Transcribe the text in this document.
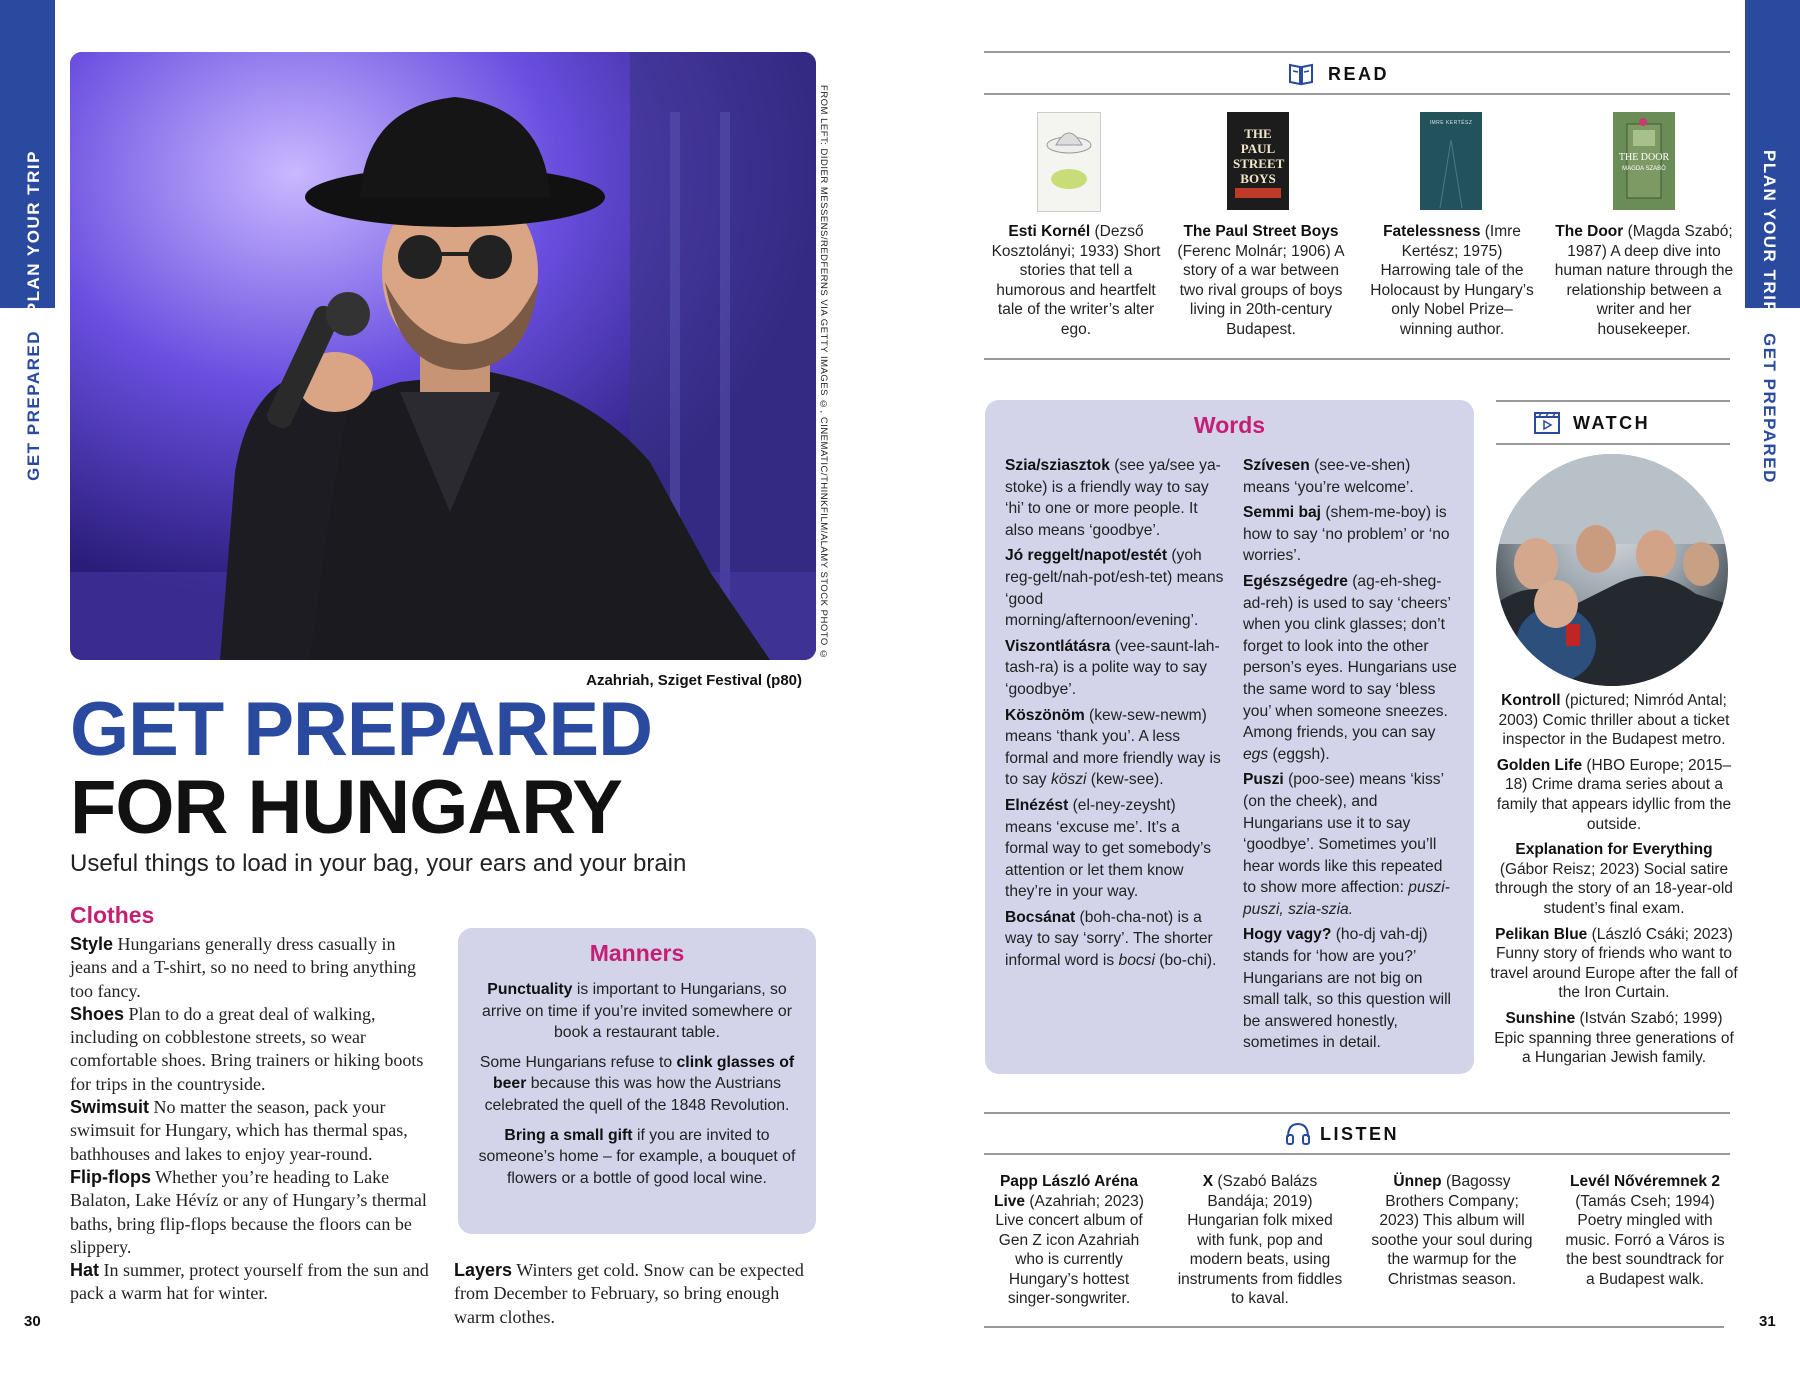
PLAN YOUR TRIP
GET PREPARED
PLAN YOUR TRIP
GET PREPARED
FROM LEFT: DIDIER MESSENS/REDFERNS VIA GETTY IMAGES ©, CINEMATIC/THINKFILM/ALAMY STOCK PHOTO ©
Azahriah, Sziget Festival (p80)
GET PREPARED
FOR HUNGARY
Useful things to load in your bag, your ears and your brain
Clothes
Style Hungarians generally dress casually in jeans and a T-shirt, so no need to bring anything too fancy.
Shoes Plan to do a great deal of walking, including on cobblestone streets, so wear comfortable shoes. Bring trainers or hiking boots for trips in the countryside.
Swimsuit No matter the season, pack your swimsuit for Hungary, which has thermal spas, bathhouses and lakes to enjoy year-round.
Flip-flops Whether you’re heading to Lake Balaton, Lake Hévíz or any of Hungary’s thermal baths, bring flip-flops because the floors can be slippery.
Hat In summer, protect yourself from the sun and pack a warm hat for winter.
Layers Winters get cold. Snow can be expected from December to February, so bring enough warm clothes.
Manners

Punctuality is important to Hungarians, so arrive on time if you’re invited somewhere or book a restaurant table.

Some Hungarians refuse to clink glasses of beer because this was how the Austrians celebrated the quell of the 1848 Revolution.

Bring a small gift if you are invited to someone’s home – for example, a bouquet of flowers or a bottle of good local wine.

30	31
READ
THE PAUL STREET BOYS
IMRE KERTÉSZ
THE DOOR
MAGDA SZABÓ
Esti Kornél (Dezső Kosztolányi; 1933) Short stories that tell a humorous and heartfelt tale of the writer’s alter ego.
The Paul Street Boys (Ferenc Molnár; 1906) A story of a war between two rival groups of boys living in 20th-century Budapest.
Fatelessness (Imre Kertész; 1975) Harrowing tale of the Holocaust by Hungary’s only Nobel Prize–winning author.
The Door (Magda Szabó; 1987) A deep dive into human nature through the relationship between a writer and her housekeeper.
Words

Szia/sziasztok (see ya/see ya-stoke) is a friendly way to say ‘hi’ to one or more people. It also means ‘goodbye’.

Jó reggelt/napot/estét (yoh reg-gelt/nah-pot/esh-tet) means ‘good morning/afternoon/evening’.

Viszontlátásra (vee-saunt-lah-tash-ra) is a polite way to say ‘goodbye’.

Köszönöm (kew-sew-newm) means ‘thank you’. A less formal and more friendly way is to say köszi (kew-see).

Elnézést (el-ney-zeysht) means ‘excuse me’. It’s a formal way to get somebody’s attention or let them know they’re in your way.

Bocsánat (boh-cha-not) is a way to say ‘sorry’. The shorter informal word is bocsi (bo-chi).

Szívesen (see-ve-shen) means ‘you’re welcome’.

Semmi baj (shem-me-boy) is how to say ‘no problem’ or ‘no worries’.

Egészségedre (ag-eh-sheg-ad-reh) is used to say ‘cheers’ when you clink glasses; don’t forget to look into the other person’s eyes. Hungarians use the same word to say ‘bless you’ when someone sneezes. Among friends, you can say egs (eggsh).

Puszi (poo-see) means ‘kiss’ (on the cheek), and Hungarians use it to say ‘goodbye’. Sometimes you’ll hear words like this repeated to show more affection: puszi-puszi, szia-szia.

Hogy vagy? (ho-dj vah-dj) stands for ‘how are you?’ Hungarians are not big on small talk, so this question will be answered honestly, sometimes in detail.

WATCH

Kontroll (pictured; Nimród Antal; 2003) Comic thriller about a ticket inspector in the Budapest metro.

Golden Life (HBO Europe; 2015–18) Crime drama series about a family that appears idyllic from the outside.

Explanation for Everything (Gábor Reisz; 2023) Social satire through the story of an 18-year-old student’s final exam.

Pelikan Blue (László Csáki; 2023) Funny story of friends who want to travel around Europe after the fall of the Iron Curtain.

Sunshine (István Szabó; 1999) Epic spanning three generations of a Hungarian Jewish family.

LISTEN
Papp László Aréna Live (Azahriah; 2023) Live concert album of Gen Z icon Azahriah who is currently Hungary’s hottest singer-songwriter.
X (Szabó Balázs Bandája; 2019) Hungarian folk mixed with funk, pop and modern beats, using instruments from fiddles to kaval.
Ünnep (Bagossy Brothers Company; 2023) This album will soothe your soul during the warmup for the Christmas season.
Levél Nővéremnek 2 (Tamás Cseh; 1994) Poetry mingled with music. Forró a Város is the best soundtrack for a Budapest walk.
